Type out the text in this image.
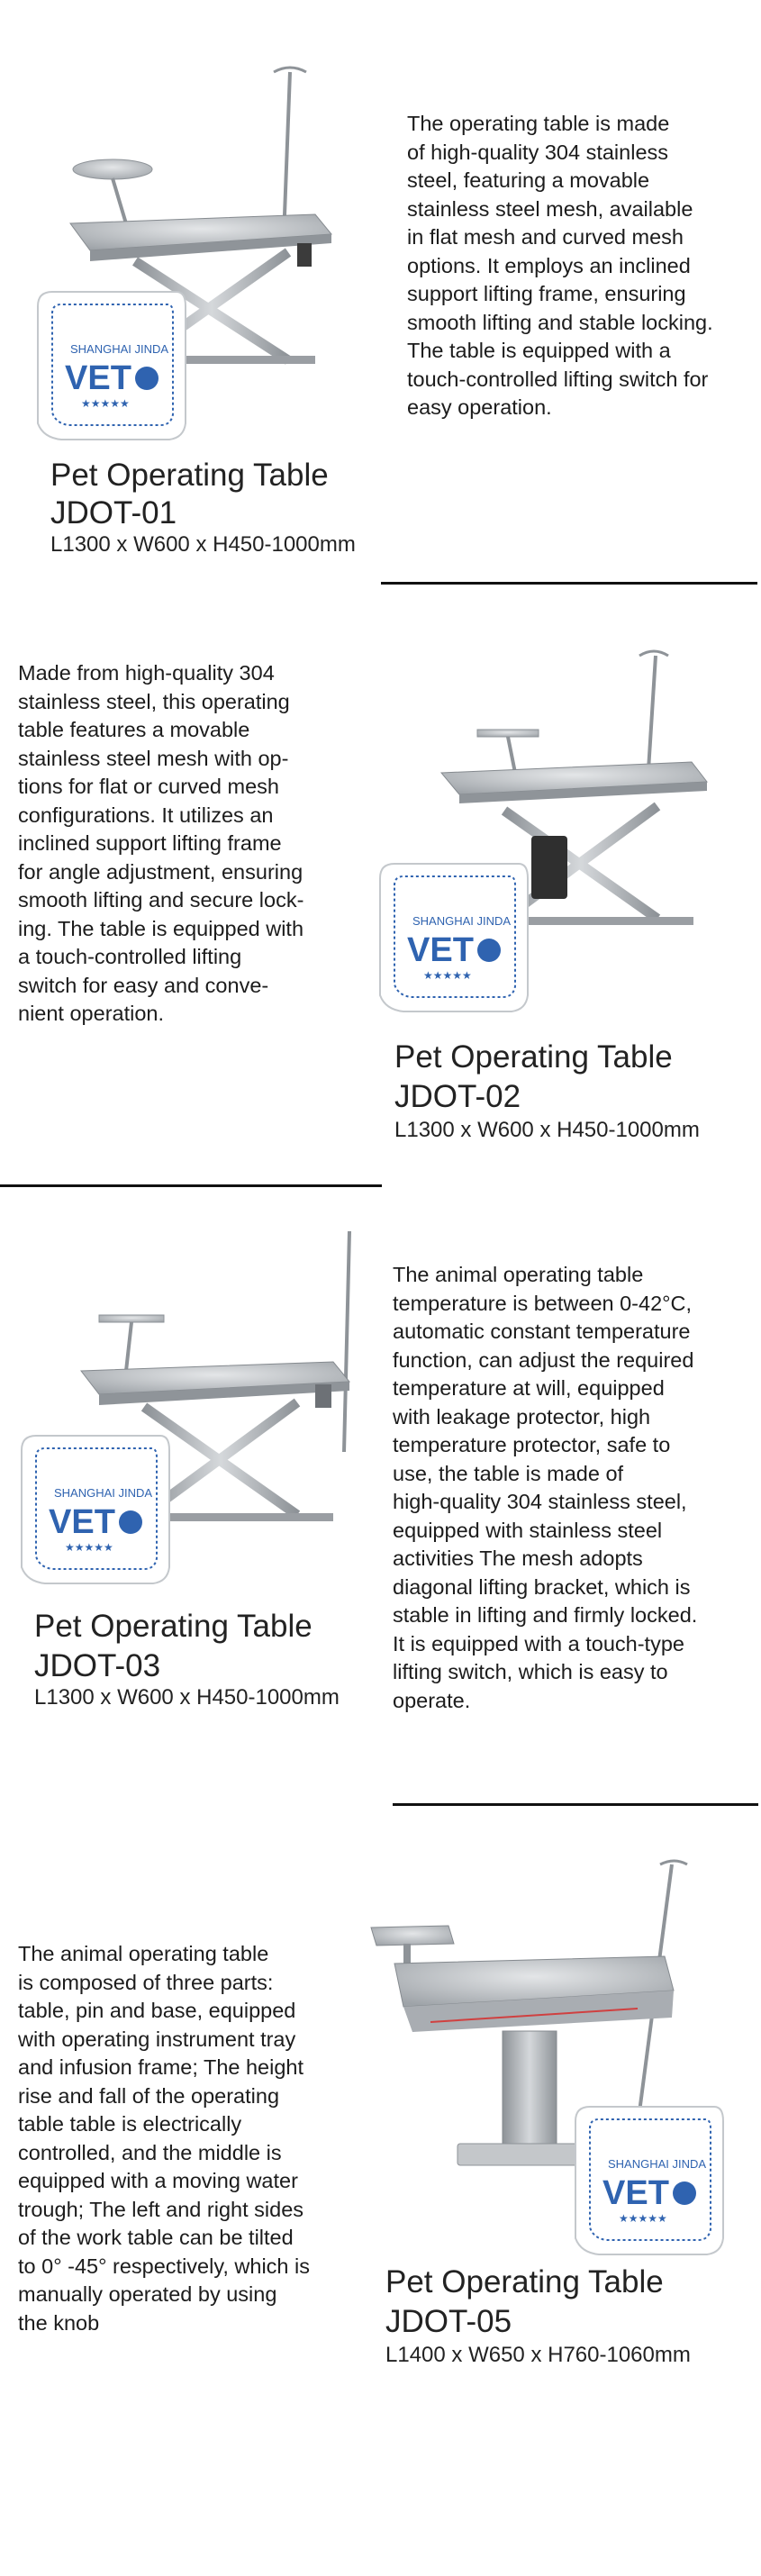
SHANGHAI JINDA
VET
★★★★★

Pet Operating Table

JDOT-01

L1300 x W600 x H450-1000mm

The operating table is made
of high-quality 304 stainless
steel, featuring a movable
stainless steel mesh, available
in flat mesh and curved mesh
options. It employs an inclined
support lifting frame, ensuring
smooth lifting and stable locking.
The table is equipped with a
touch-controlled lifting switch for
easy operation.

Made from high-quality 304
stainless steel, this operating
table features a movable
stainless steel mesh with op-
tions for flat or curved mesh
configurations. It utilizes an
inclined support lifting frame
for angle adjustment, ensuring
smooth lifting and secure lock-
ing. The table is equipped with
a touch-controlled lifting
switch for easy and conve-
nient operation.

SHANGHAI JINDA
VET
★★★★★

Pet Operating Table

JDOT-02

L1300 x W600 x H450-1000mm

SHANGHAI JINDA
VET
★★★★★

Pet Operating Table

JDOT-03

L1300 x W600 x H450-1000mm

The animal operating table
temperature is between 0-42°C,
automatic constant temperature
function, can adjust the required
temperature at will, equipped
with leakage protector, high
temperature protector, safe to
use, the table is made of
high-quality 304 stainless steel,
equipped with stainless steel
activities The mesh adopts
diagonal lifting bracket, which is
stable in lifting and firmly locked.
It is equipped with a touch-type
lifting switch, which is easy to
operate.

The animal operating table
is composed of three parts:
table, pin and base, equipped
with operating instrument tray
and infusion frame; The height
rise and fall of the operating
table table is electrically
controlled, and the middle is
equipped with a moving water
trough; The left and right sides
of the work table can be tilted
to 0° -45° respectively, which is
manually operated by using
the knob

SHANGHAI JINDA
VET
★★★★★

Pet Operating Table

JDOT-05

L1400 x W650 x H760-1060mm
